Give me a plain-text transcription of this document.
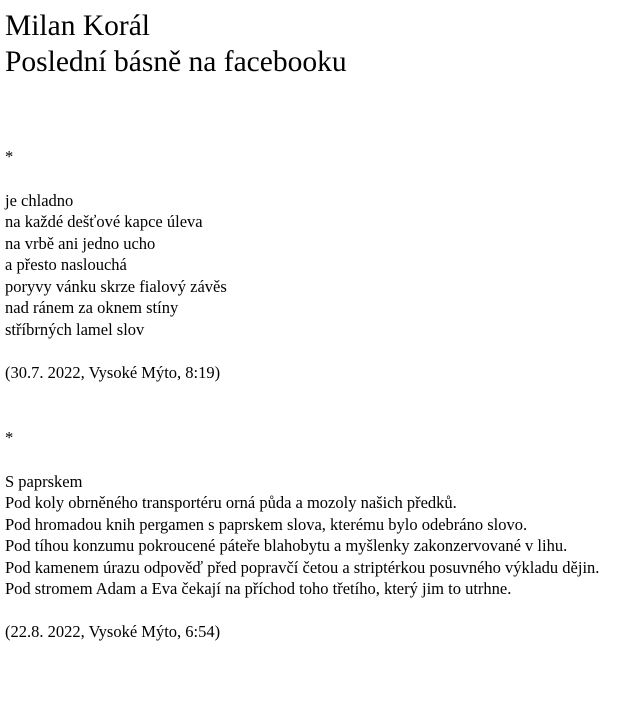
Milan Korál
Poslední básně na facebooku
*
je chladno
na každé dešťové kapce úleva
na vrbě ani jedno ucho
a přesto naslouchá
poryvy vánku skrze fialový závěs
nad ránem za oknem stíny
stříbrných lamel slov
(30.7. 2022, Vysoké Mýto, 8:19)
*
S paprskem
Pod koly obrněného transportéru orná půda a mozoly našich předků.
Pod hromadou knih pergamen s paprskem slova, kterému bylo odebráno slovo.
Pod tíhou konzumu pokroucené páteře blahobytu a myšlenky zakonzervované v lihu.
Pod kamenem úrazu odpověď před popravčí četou a striptérkou posuvného výkladu dějin.
Pod stromem Adam a Eva čekají na příchod toho třetího, který jim to utrhne.
(22.8. 2022, Vysoké Mýto, 6:54)
